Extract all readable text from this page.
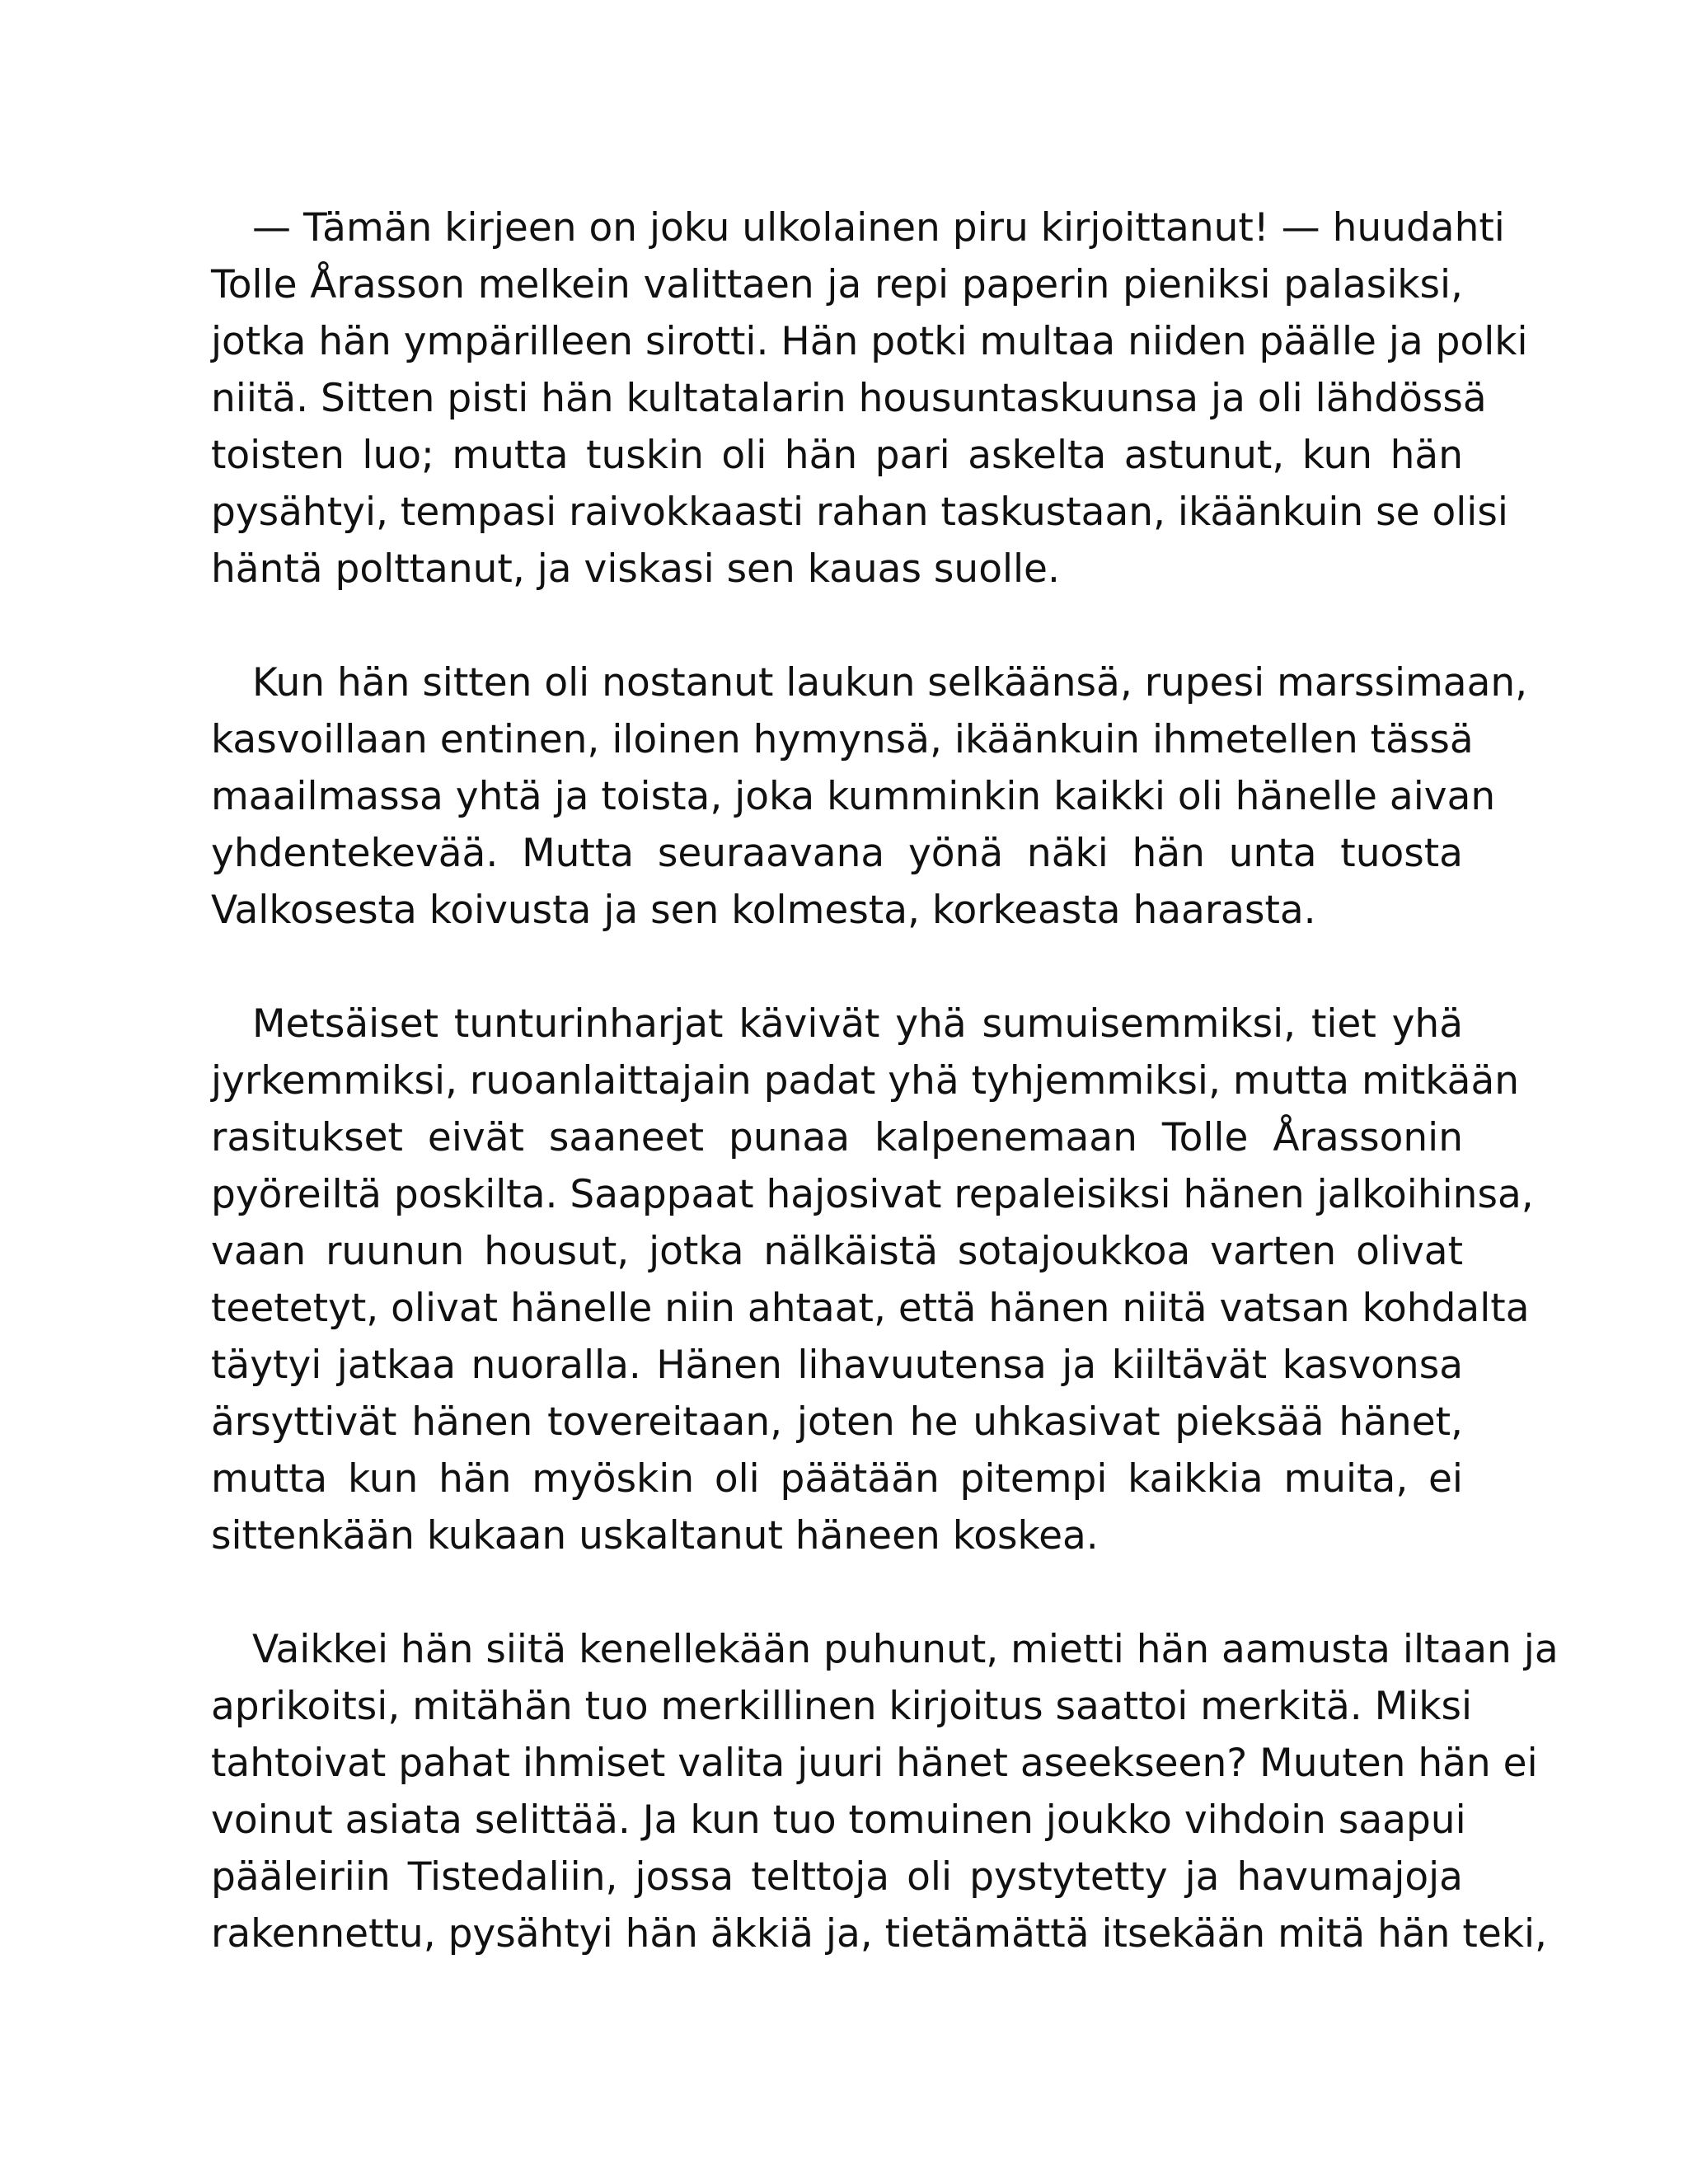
— Tämän kirjeen on joku ulkolainen piru kirjoittanut! — huudahti
Tolle Årasson melkein valittaen ja repi paperin pieniksi palasiksi,
jotka hän ympärilleen sirotti. Hän potki multaa niiden päälle ja polki
niitä. Sitten pisti hän kultatalarin housuntaskuunsa ja oli lähdössä
toisten luo; mutta tuskin oli hän pari askelta astunut, kun hän
pysähtyi, tempasi raivokkaasti rahan taskustaan, ikäänkuin se olisi
häntä polttanut, ja viskasi sen kauas suolle.

Kun hän sitten oli nostanut laukun selkäänsä, rupesi marssimaan,
kasvoillaan entinen, iloinen hymynsä, ikäänkuin ihmetellen tässä
maailmassa yhtä ja toista, joka kumminkin kaikki oli hänelle aivan
yhdentekevää. Mutta seuraavana yönä näki hän unta tuosta
Valkosesta koivusta ja sen kolmesta, korkeasta haarasta.

Metsäiset tunturinharjat kävivät yhä sumuisemmiksi, tiet yhä
jyrkemmiksi, ruoanlaittajain padat yhä tyhjemmiksi, mutta mitkään
rasitukset eivät saaneet punaa kalpenemaan Tolle Årassonin
pyöreiltä poskilta. Saappaat hajosivat repaleisiksi hänen jalkoihinsa,
vaan ruunun housut, jotka nälkäistä sotajoukkoa varten olivat
teetetyt, olivat hänelle niin ahtaat, että hänen niitä vatsan kohdalta
täytyi jatkaa nuoralla. Hänen lihavuutensa ja kiiltävät kasvonsa
ärsyttivät hänen tovereitaan, joten he uhkasivat pieksää hänet,
mutta kun hän myöskin oli päätään pitempi kaikkia muita, ei
sittenkään kukaan uskaltanut häneen koskea.

Vaikkei hän siitä kenellekään puhunut, mietti hän aamusta iltaan ja
aprikoitsi, mitähän tuo merkillinen kirjoitus saattoi merkitä. Miksi
tahtoivat pahat ihmiset valita juuri hänet aseekseen? Muuten hän ei
voinut asiata selittää. Ja kun tuo tomuinen joukko vihdoin saapui
pääleiriin Tistedaliin, jossa telttoja oli pystytetty ja havumajoja
rakennettu, pysähtyi hän äkkiä ja, tietämättä itsekään mitä hän teki,
